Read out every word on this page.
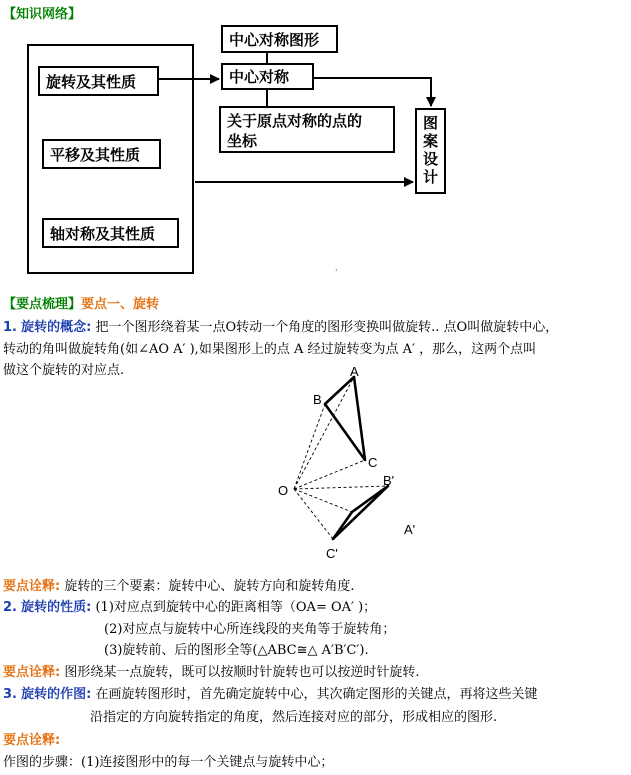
【知识网络】
旋转及其性质
平移及其性质
轴对称及其性质
中心对称图形
中心对称
关于原点对称的点的
坐标
图
案
设
计
【要点梳理】要点一、旋转
1. 旋转的概念: 把一个图形绕着某一点O转动一个角度的图形变换叫做旋转.. 点O叫做旋转中心，
转动的角叫做旋转角(如∠AO A′ ),如果图形上的点 A 经过旋转变为点 A′ ，那么，这两个点叫
做这个旋转的对应点.	A
B
C
O
B'
A'
C'
·
要点诠释: 旋转的三个要素：旋转中心、旋转方向和旋转角度.
2. 旋转的性质: (1)对应点到旋转中心的距离相等（OA= OA′ )；
(2)对应点与旋转中心所连线段的夹角等于旋转角；
(3)旋转前、后的图形全等(△ABC≅△ A′B′C′).
要点诠释: 图形绕某一点旋转，既可以按顺时针旋转也可以按逆时针旋转.
3. 旋转的作图: 在画旋转图形时，首先确定旋转中心，其次确定图形的关键点，再将这些关键
沿指定的方向旋转指定的角度，然后连接对应的部分，形成相应的图形.
要点诠释:
作图的步骤：(1)连接图形中的每一个关键点与旋转中心；
